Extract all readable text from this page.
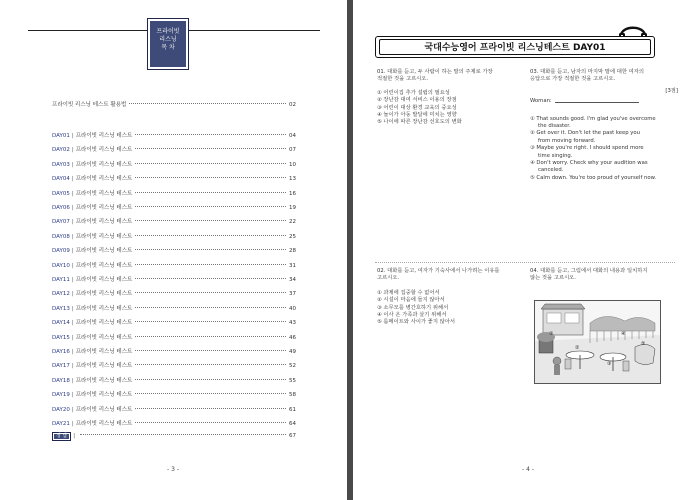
프라이빗
리스닝
목 차
프라이빗 리스닝 테스트 활용법	02
정 답	|	67
- 3 -
DAY01 | 프라이빗 리스닝 테스트	04
DAY02 | 프라이빗 리스닝 테스트	07
DAY03 | 프라이빗 리스닝 테스트	10
DAY04 | 프라이빗 리스닝 테스트	13
DAY05 | 프라이빗 리스닝 테스트	16
DAY06 | 프라이빗 리스닝 테스트	19
DAY07 | 프라이빗 리스닝 테스트	22
DAY08 | 프라이빗 리스닝 테스트	25
DAY09 | 프라이빗 리스닝 테스트	28
DAY10 | 프라이빗 리스닝 테스트	31
DAY11 | 프라이빗 리스닝 테스트	34
DAY12 | 프라이빗 리스닝 테스트	37
DAY13 | 프라이빗 리스닝 테스트	40
DAY14 | 프라이빗 리스닝 테스트	43
DAY15 | 프라이빗 리스닝 테스트	46
DAY16 | 프라이빗 리스닝 테스트	49
DAY17 | 프라이빗 리스닝 테스트	52
DAY18 | 프라이빗 리스닝 테스트	55
DAY19 | 프라이빗 리스닝 테스트	58
DAY20 | 프라이빗 리스닝 테스트	61
DAY21 | 프라이빗 리스닝 테스트	64
국대수능영어 프라이빗 리스닝테스트 DAY01

01. 대화를 듣고, 두 사람이 하는 말의 주제로 가장

적절한 것을 고르시오.

① 어린이집 추가 설립의 필요성

② 장난감 대여 서비스 이용의 장점

③ 어린이 대상 환경 교육의 중요성

④ 놀이가 아동 발달에 미치는 영향

⑤ 나이에 따른 장난감 선호도의 변화

03. 대화를 듣고, 남자의 마지막 말에 대한 여자의

응답으로 가장 적절한 것을 고르시오.

[3점]

Woman:

① That sounds good. I'm glad you've overcome

the disaster.

② Get over it. Don't let the past keep you

from moving forward.

③ Maybe you're right. I should spend more

time singing.

④ Don't worry. Check why your audition was

canceled.

⑤ Calm down. You're too proud of yourself now.

02. 대화를 듣고, 여자가 기숙사에서 나가려는 이유를

고르시오.

① 과제에 집중할 수 없어서

② 시설이 마음에 들지 않아서

③ 소무모를 병간호하기 위해서

④ 이사 온 가족과 살기 위해서

⑤ 룸메이트와 사이가 좋지 않아서

04. 대화를 듣고, 그림에서 대화의 내용과 일치하지

않는 것을 고르시오.

- 4 -
①
②
③
④
⑤
